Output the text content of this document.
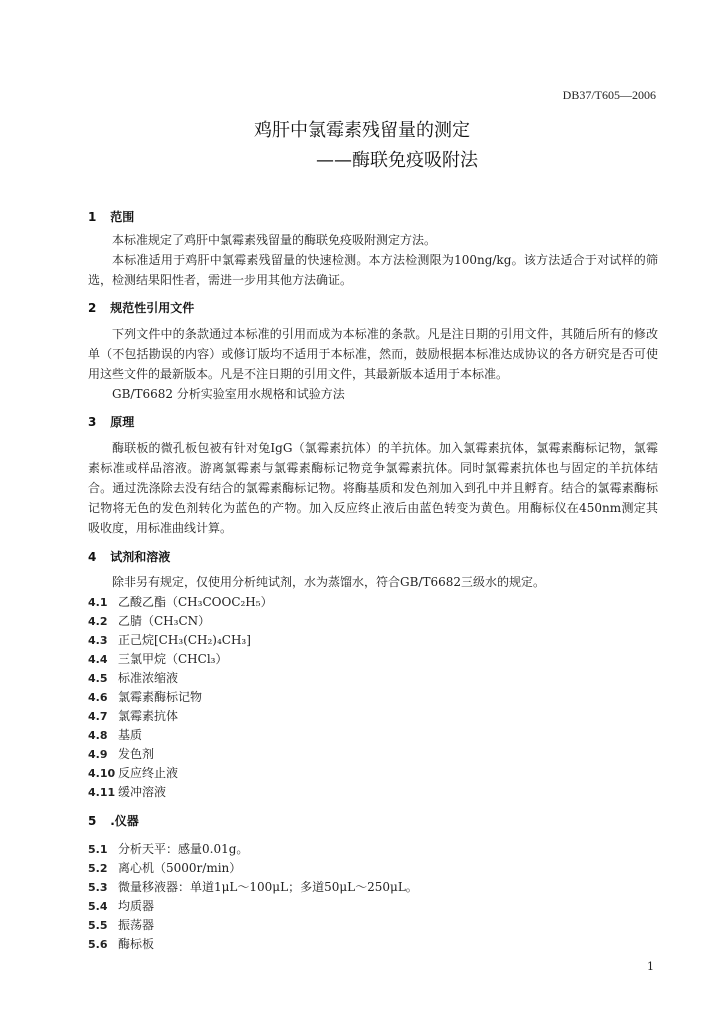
DB37/T605—2006
鸡肝中氯霉素残留量的测定
——酶联免疫吸附法
1 范围
本标准规定了鸡肝中氯霉素残留量的酶联免疫吸附测定方法。
本标准适用于鸡肝中氯霉素残留量的快速检测。本方法检测限为100ng/kg。该方法适合于对试样的筛选，检测结果阳性者，需进一步用其他方法确证。
2 规范性引用文件
下列文件中的条款通过本标准的引用而成为本标准的条款。凡是注日期的引用文件，其随后所有的修改单（不包括勘误的内容）或修订版均不适用于本标准，然而，鼓励根据本标准达成协议的各方研究是否可使用这些文件的最新版本。凡是不注日期的引用文件，其最新版本适用于本标准。
GB/T6682 分析实验室用水规格和试验方法
3 原理
酶联板的微孔板包被有针对兔IgG（氯霉素抗体）的羊抗体。加入氯霉素抗体，氯霉素酶标记物，氯霉素标准或样品溶液。游离氯霉素与氯霉素酶标记物竞争氯霉素抗体。同时氯霉素抗体也与固定的羊抗体结合。通过洗涤除去没有结合的氯霉素酶标记物。将酶基质和发色剂加入到孔中并且孵育。结合的氯霉素酶标记物将无色的发色剂转化为蓝色的产物。加入反应终止液后由蓝色转变为黄色。用酶标仪在450nm测定其吸收度，用标准曲线计算。
4 试剂和溶液
除非另有规定，仅使用分析纯试剂，水为蒸馏水，符合GB/T6682三级水的规定。
4.1 乙酸乙酯（CH₃COOC₂H₅）
4.2 乙腈（CH₃CN）
4.3 正己烷[CH₃(CH₂)₄CH₃]
4.4 三氯甲烷（CHCl₃）
4.5 标准浓缩液
4.6 氯霉素酶标记物
4.7 氯霉素抗体
4.8 基质
4.9 发色剂
4.10 反应终止液
4.11 缓冲溶液
5 .仪器
5.1 分析天平：感量0.01g。
5.2 离心机（5000r/min）
5.3 微量移液器：单道1μL～100μL；多道50μL～250μL。
5.4 均质器
5.5 振荡器
5.6 酶标板
1
